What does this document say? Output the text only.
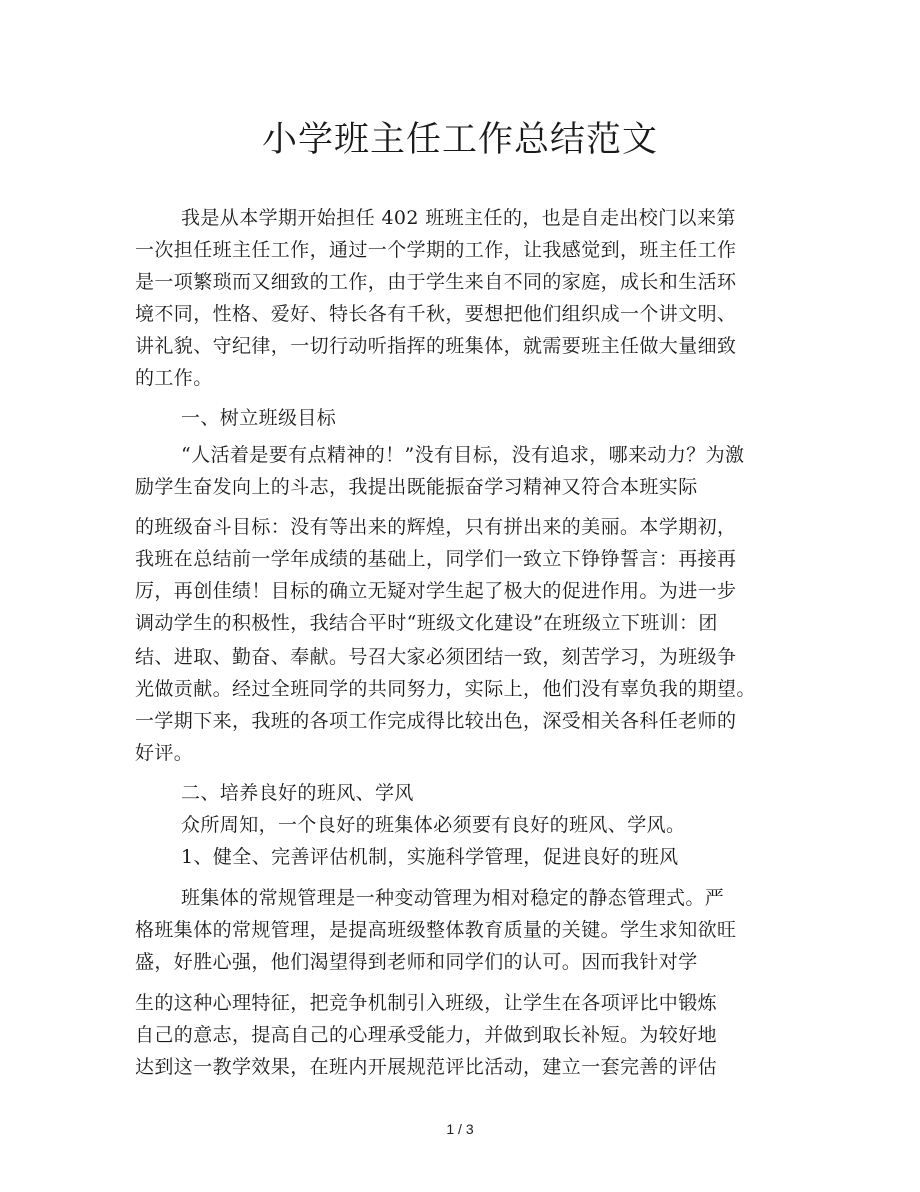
小学班主任工作总结范文
我是从本学期开始担任 402 班班主任的，也是自走出校门以来第
一次担任班主任工作，通过一个学期的工作，让我感觉到，班主任工作
是一项繁琐而又细致的工作，由于学生来自不同的家庭，成长和生活环
境不同，性格、爱好、特长各有千秋，要想把他们组织成一个讲文明、
讲礼貌、守纪律，一切行动听指挥的班集体，就需要班主任做大量细致
的工作。
一、树立班级目标
“人活着是要有点精神的！”没有目标，没有追求，哪来动力？为激
励学生奋发向上的斗志，我提出既能振奋学习精神又符合本班实际
的班级奋斗目标：没有等出来的辉煌，只有拼出来的美丽。本学期初，
我班在总结前一学年成绩的基础上，同学们一致立下铮铮誓言：再接再
厉，再创佳绩！目标的确立无疑对学生起了极大的促进作用。为进一步
调动学生的积极性，我结合平时“班级文化建设”在班级立下班训：团
结、进取、勤奋、奉献。号召大家必须团结一致，刻苦学习，为班级争
光做贡献。经过全班同学的共同努力，实际上，他们没有辜负我的期望。
一学期下来，我班的各项工作完成得比较出色，深受相关各科任老师的
好评。
二、培养良好的班风、学风
众所周知，一个良好的班集体必须要有良好的班风、学风。
1、健全、完善评估机制，实施科学管理，促进良好的班风
班集体的常规管理是一种变动管理为相对稳定的静态管理式。严
格班集体的常规管理，是提高班级整体教育质量的关键。学生求知欲旺
盛，好胜心强，他们渴望得到老师和同学们的认可。因而我针对学
生的这种心理特征，把竞争机制引入班级，让学生在各项评比中锻炼
自己的意志，提高自己的心理承受能力，并做到取长补短。为较好地
达到这一教学效果，在班内开展规范评比活动，建立一套完善的评估
1 / 3
